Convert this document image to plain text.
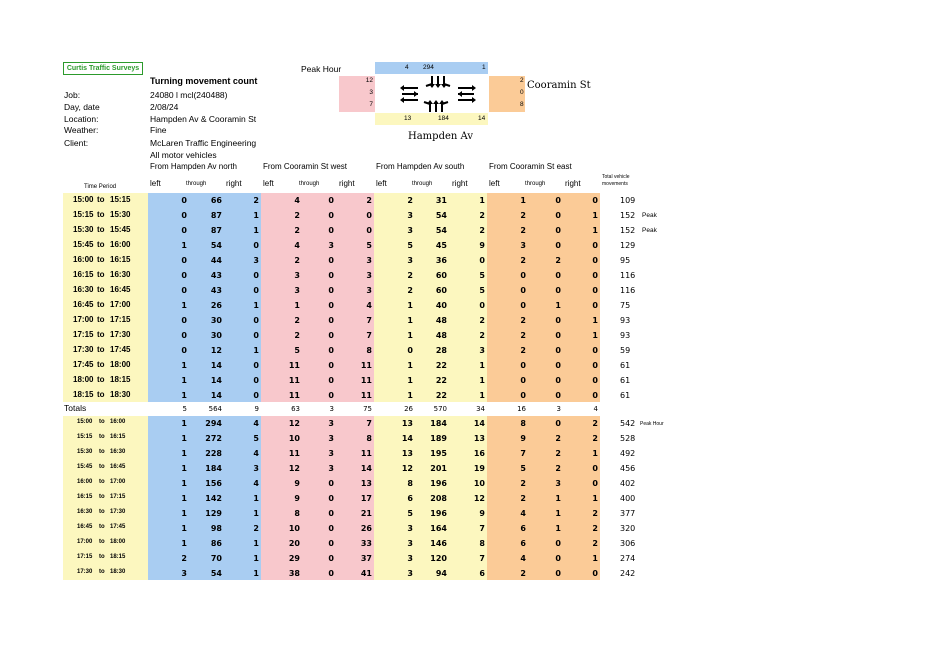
Curtis Traffic Surveys
Turning movement count
Job:	24080 l mcl(240488)
Day, date	2/08/24
Location:	Hampden Av & Cooramin St
Weather:	Fine
Client:	McLaren Traffic Engineering
All motor vehicles
Peak Hour	4 294	1
12
3
7
2
0
8
13	184	14
Cooramin St
Hampden Av
From Hampden Av north	From Cooramin St west	From Hampden Av south	From Cooramin St east
Total vehicle movements
Time Period	left	through right	left	through right	left	through right	left	through right
15:00 to 15:15	0	66	2	4	0	2	2	31	1	1	0	0	109
15:15 to 15:30	0	87	1	2	0	0	3	54	2	2	0	1	152 Peak
15:30 to 15:45	0	87	1	2	0	0	3	54	2	2	0	1	152 Peak
15:45 to 16:00	1	54	0	4	3	5	5	45	9	3	0	0	129
16:00 to 16:15	0	44	3	2	0	3	3	36	0	2	2	0	95
16:15 to 16:30	0	43	0	3	0	3	2	60	5	0	0	0	116
16:30 to 16:45	0	43	0	3	0	3	2	60	5	0	0	0	116
16:45 to 17:00	1	26	1	1	0	4	1	40	0	0	1	0	75
17:00 to 17:15	0	30	0	2	0	7	1	48	2	2	0	1	93
17:15 to 17:30	0	30	0	2	0	7	1	48	2	2	0	1	93
17:30 to 17:45	0	12	1	5	0	8	0	28	3	2	0	0	59
17:45 to 18:00	1	14	0	11	0	11	1	22	1	0	0	0	61
18:00 to 18:15	1	14	0	11	0	11	1	22	1	0	0	0	61
18:15 to 18:30	1	14	0	11	0	11	1	22	1	0	0	0	61
Totals	5	564	9	63	3	75	26	570	34	16	3	4
15:00 to 16:00	1	294	4	12	3	7	13	184	14	8	0	2	542 Peak Hour
15:15 to 16:15	1	272	5	10	3	8	14	189	13	9	2	2	528
15:30 to 16:30	1	228	4	11	3	11	13	195	16	7	2	1	492
15:45 to 16:45	1	184	3	12	3	14	12	201	19	5	2	0	456
16:00 to 17:00	1	156	4	9	0	13	8	196	10	2	3	0	402
16:15 to 17:15	1	142	1	9	0	17	6	208	12	2	1	1	400
16:30 to 17:30	1	129	1	8	0	21	5	196	9	4	1	2	377
16:45 to 17:45	1	98	2	10	0	26	3	164	7	6	1	2	320
17:00 to 18:00	1	86	1	20	0	33	3	146	8	6	0	2	306
17:15 to 18:15	2	70	1	29	0	37	3	120	7	4	0	1	274
17:30 to 18:30	3	54	1	38	0	41	3	94	6	2	0	0	242
